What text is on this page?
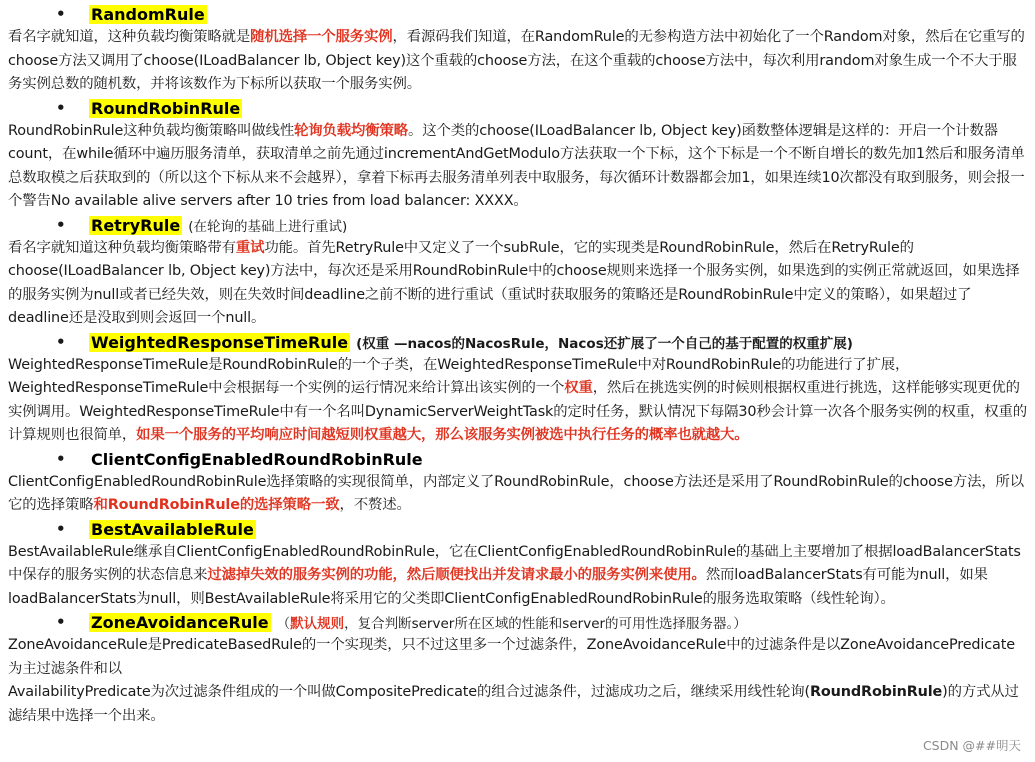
• RandomRule
看名字就知道，这种负载均衡策略就是随机选择一个服务实例，看源码我们知道，在RandomRule的无参构造方法中初始化了一个Random对象，然后在它重写的choose方法又调用了choose(ILoadBalancer lb, Object key)这个重载的choose方法，在这个重载的choose方法中，每次利用random对象生成一个不大于服务实例总数的随机数，并将该数作为下标所以获取一个服务实例。
• RoundRobinRule
RoundRobinRule这种负载均衡策略叫做线性轮询负载均衡策略。这个类的choose(ILoadBalancer lb, Object key)函数整体逻辑是这样的：开启一个计数器count，在while循环中遍历服务清单，获取清单之前先通过incrementAndGetModulo方法获取一个下标，这个下标是一个不断自增长的数先加1然后和服务清单总数取模之后获取到的（所以这个下标从来不会越界），拿着下标再去服务清单列表中取服务，每次循环计数器都会加1，如果连续10次都没有取到服务，则会报一个警告No available alive servers after 10 tries from load balancer: XXXX。
• RetryRule (在轮询的基础上进行重试)
看名字就知道这种负载均衡策略带有重试功能。首先RetryRule中又定义了一个subRule，它的实现类是RoundRobinRule，然后在RetryRule的choose(ILoadBalancer lb, Object key)方法中，每次还是采用RoundRobinRule中的choose规则来选择一个服务实例，如果选到的实例正常就返回，如果选择的服务实例为null或者已经失效，则在失效时间deadline之前不断的进行重试（重试时获取服务的策略还是RoundRobinRule中定义的策略），如果超过了deadline还是没取到则会返回一个null。
• WeightedResponseTimeRule (权重 —nacos的NacosRule，Nacos还扩展了一个自己的基于配置的权重扩展)
WeightedResponseTimeRule是RoundRobinRule的一个子类，在WeightedResponseTimeRule中对RoundRobinRule的功能进行了扩展，WeightedResponseTimeRule中会根据每一个实例的运行情况来给计算出该实例的一个权重，然后在挑选实例的时候则根据权重进行挑选，这样能够实现更优的实例调用。WeightedResponseTimeRule中有一个名叫DynamicServerWeightTask的定时任务，默认情况下每隔30秒会计算一次各个服务实例的权重，权重的计算规则也很简单，如果一个服务的平均响应时间越短则权重越大，那么该服务实例被选中执行任务的概率也就越大。
• ClientConfigEnabledRoundRobinRule
ClientConfigEnabledRoundRobinRule选择策略的实现很简单，内部定义了RoundRobinRule，choose方法还是采用了RoundRobinRule的choose方法，所以它的选择策略和RoundRobinRule的选择策略一致，不赘述。
• BestAvailableRule
BestAvailableRule继承自ClientConfigEnabledRoundRobinRule，它在ClientConfigEnabledRoundRobinRule的基础上主要增加了根据loadBalancerStats中保存的服务实例的状态信息来过滤掉失效的服务实例的功能，然后顺便找出并发请求最小的服务实例来使用。然而loadBalancerStats有可能为null，如果loadBalancerStats为null，则BestAvailableRule将采用它的父类即ClientConfigEnabledRoundRobinRule的服务选取策略（线性轮询）。
• ZoneAvoidanceRule （默认规则，复合判断server所在区域的性能和server的可用性选择服务器。）
ZoneAvoidanceRule是PredicateBasedRule的一个实现类，只不过这里多一个过滤条件，ZoneAvoidanceRule中的过滤条件是以ZoneAvoidancePredicate为主过滤条件和以
AvailabilityPredicate为次过滤条件组成的一个叫做CompositePredicate的组合过滤条件，过滤成功之后，继续采用线性轮询(RoundRobinRule)的方式从过滤结果中选择一个出来。
CSDN @##明天
